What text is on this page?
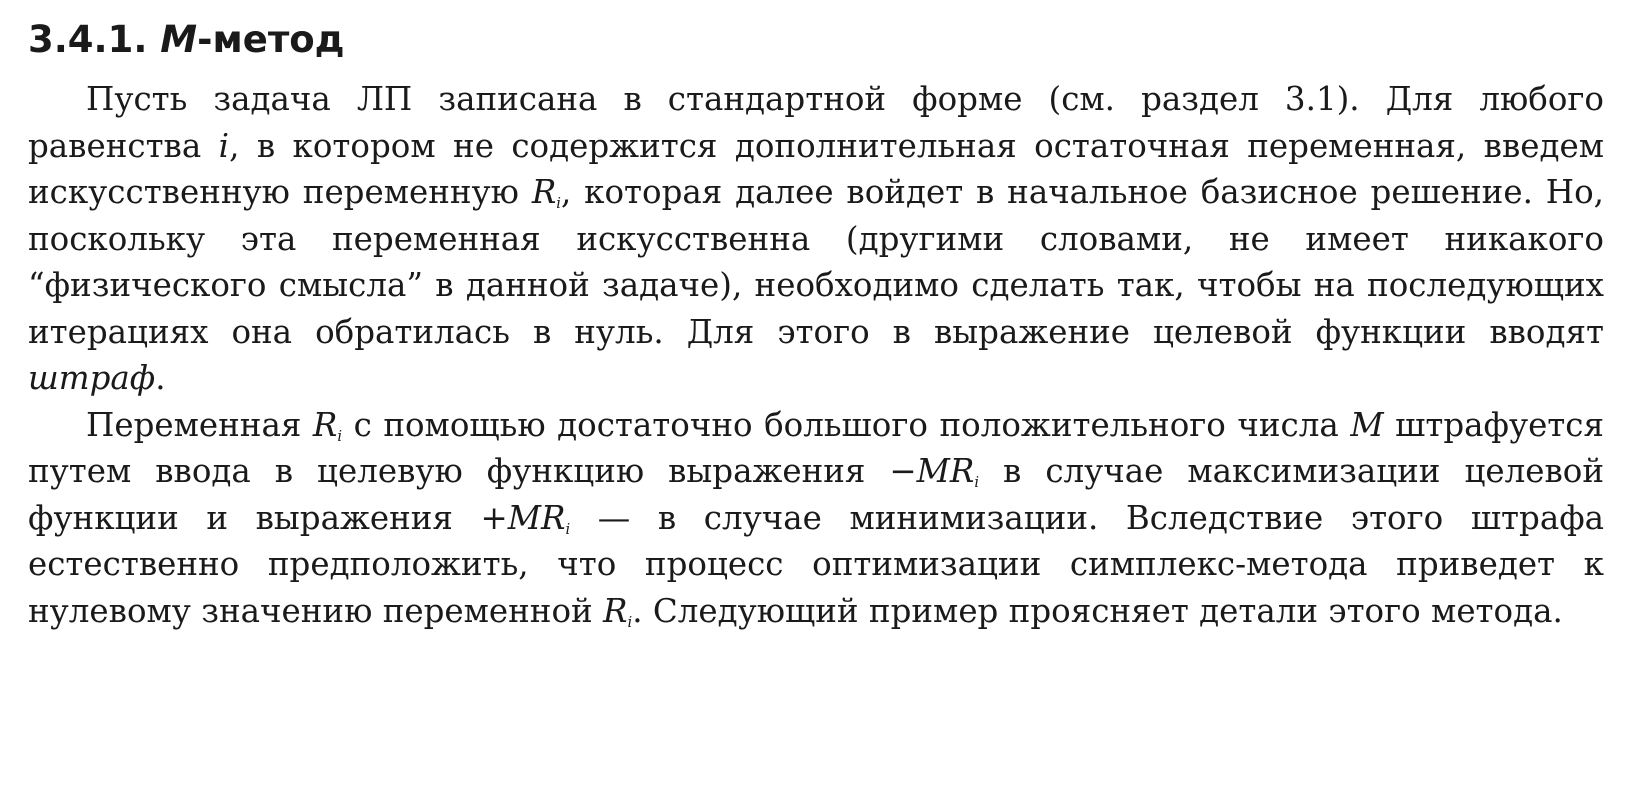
3.4.1. M-метод

Пусть задача ЛП записана в стандартной форме (см. раздел 3.1). Для любого равенства i, в котором не содержится дополнительная остаточная переменная, введем искусственную переменную $R_i$, которая далее войдет в начальное базисное решение. Но, поскольку эта переменная искусственна (другими словами, не имеет никакого “физического смысла” в данной задаче), необходимо сделать так, чтобы на последующих итерациях она обратилась в нуль. Для этого в выражение целевой функции вводят штраф.

Переменная $R_i$ с помощью достаточно большого положительного числа M штрафуется путем ввода в целевую функцию выражения $-MR_i$ в случае максимизации целевой функции и выражения $+MR_i$ — в случае минимизации. Вследствие этого штрафа естественно предположить, что процесс оптимизации симплекс-метода приведет к нулевому значению переменной $R_i$. Следующий пример проясняет детали этого метода.
